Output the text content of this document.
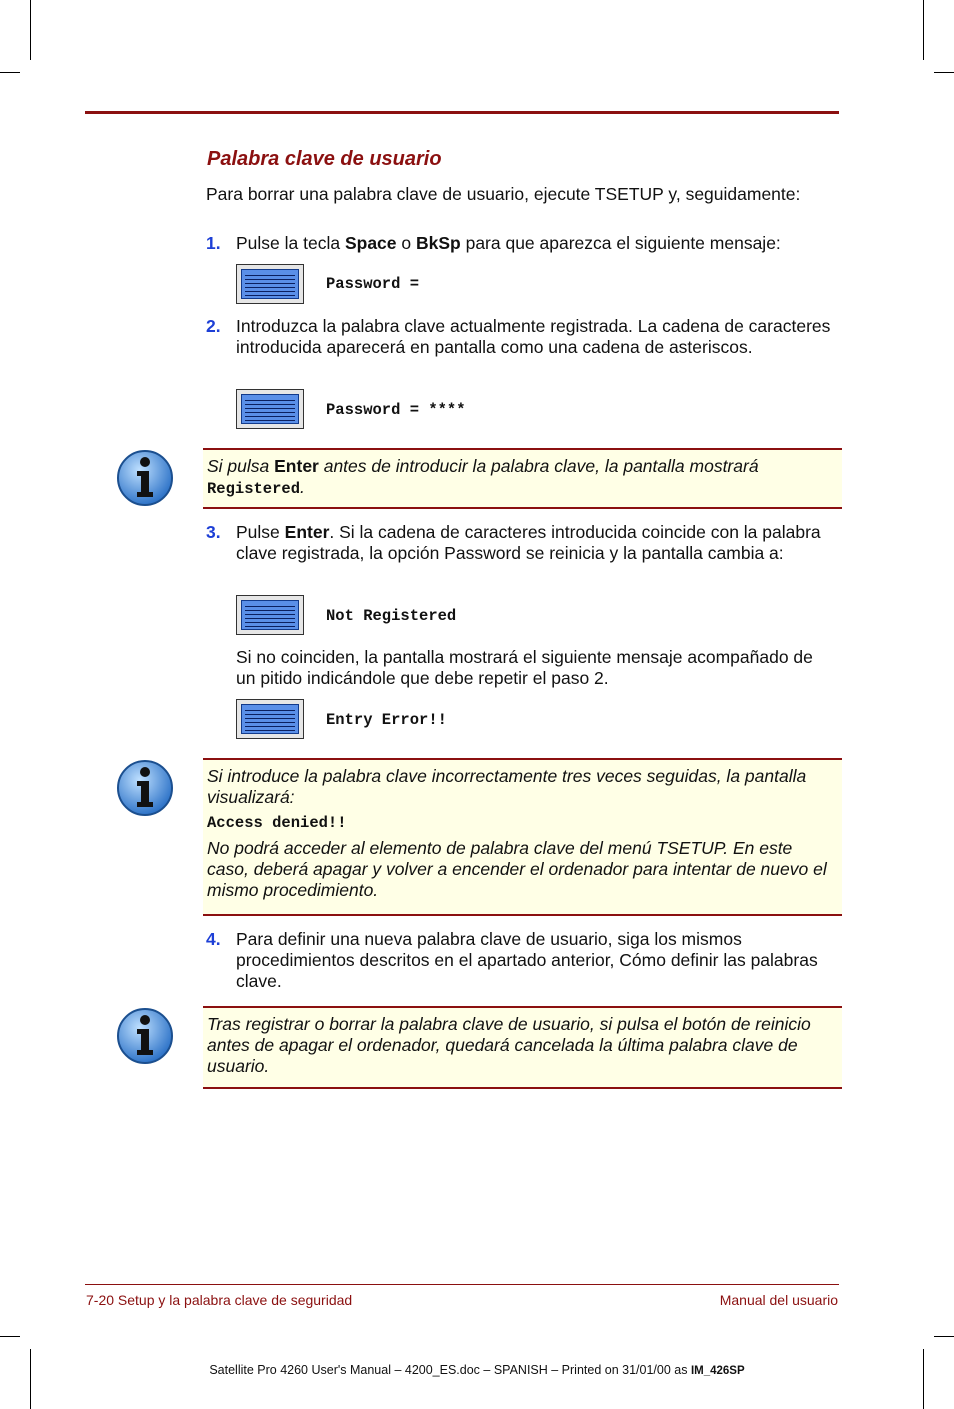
Palabra clave de usuario

Para borrar una palabra clave de usuario, ejecute TSETUP y, seguidamente:

1. Pulse la tecla Space o BkSp para que aparezca el siguiente mensaje:
Password =
2. Introduzca la palabra clave actualmente registrada. La cadena de caracteres introducida aparecerá en pantalla como una cadena de asteriscos.
Password = ****
Si pulsa Enter antes de introducir la palabra clave, la pantalla mostrará Registered.
3. Pulse Enter. Si la cadena de caracteres introducida coincide con la palabra clave registrada, la opción Password se reinicia y la pantalla cambia a:
Not Registered

Si no coinciden, la pantalla mostrará el siguiente mensaje acompañado de un pitido indicándole que debe repetir el paso 2.

Entry Error!!
Si introduce la palabra clave incorrectamente tres veces seguidas, la pantalla visualizará:
Access denied!!
No podrá acceder al elemento de palabra clave del menú TSETUP. En este caso, deberá apagar y volver a encender el ordenador para intentar de nuevo el mismo procedimiento.
4. Para definir una nueva palabra clave de usuario, siga los mismos procedimientos descritos en el apartado anterior, Cómo definir las palabras clave.
Tras registrar o borrar la palabra clave de usuario, si pulsa el botón de reinicio antes de apagar el ordenador, quedará cancelada la última palabra clave de usuario.
7-20 Setup y la palabra clave de seguridad	Manual del usuario
Satellite Pro 4260 User's Manual – 4200_ES.doc – SPANISH – Printed on 31/01/00 as IM_426SP
